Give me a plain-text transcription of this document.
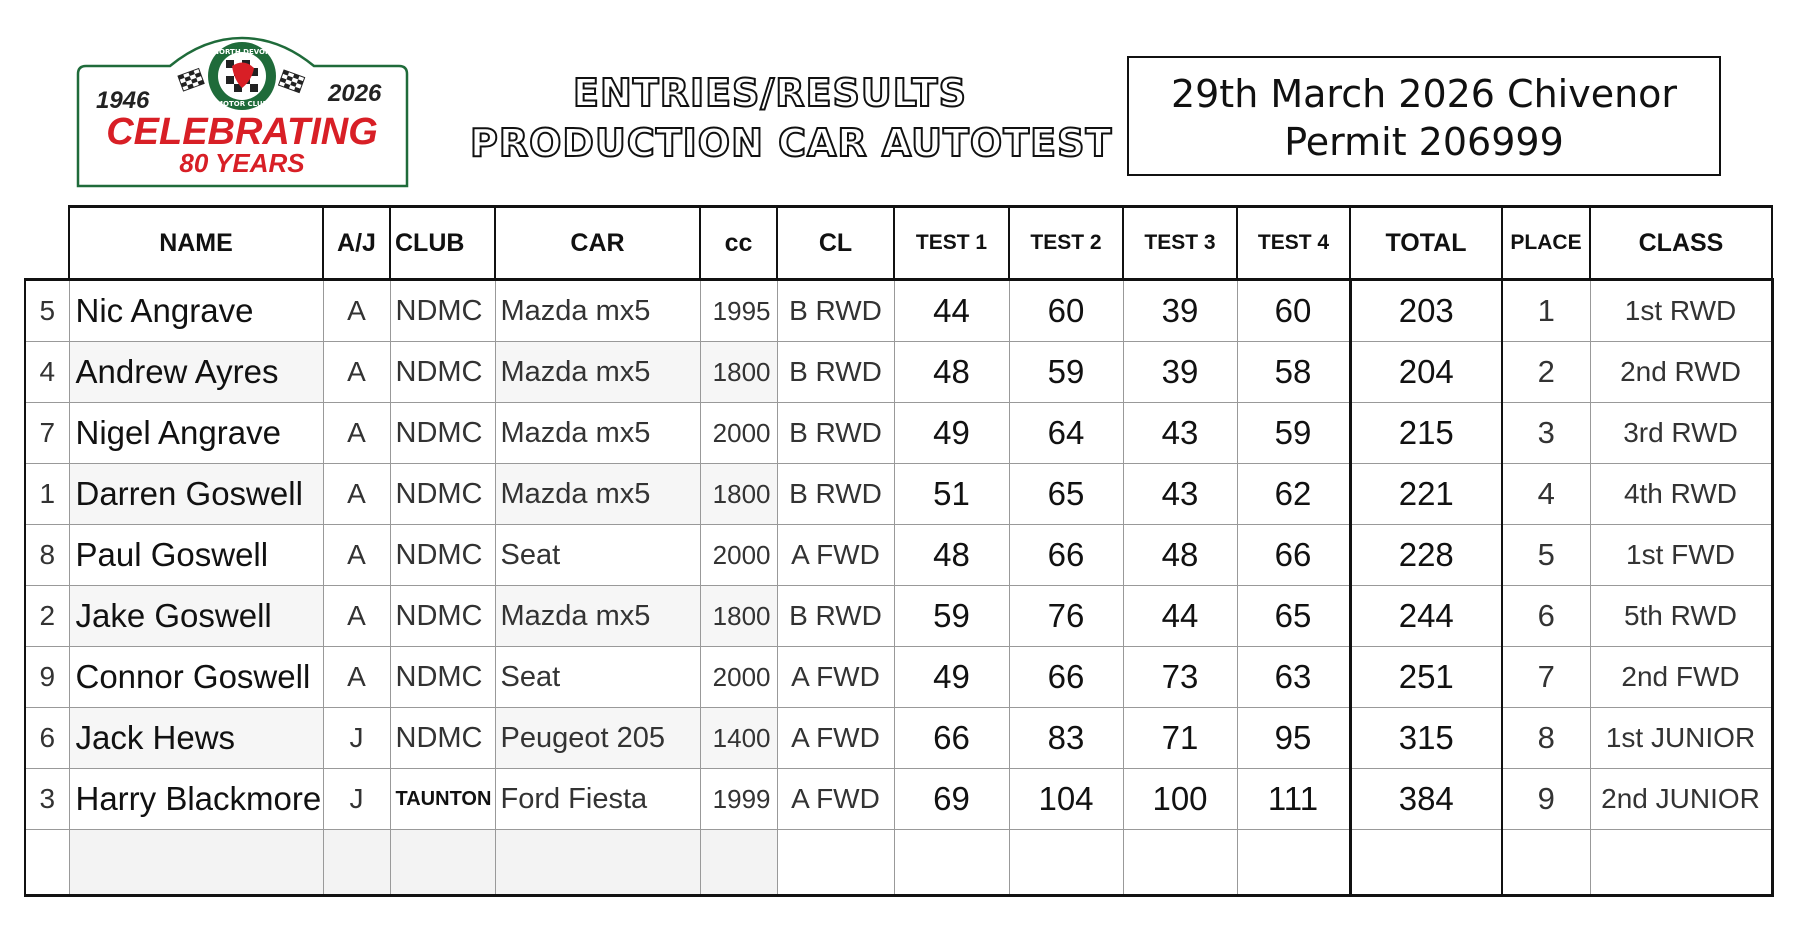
NORTH DEVON
MOTOR CLUB
1946	2026
CELEBRATING
80 YEARS
ENTRIES/RESULTS
PRODUCTION CAR AUTOTEST
29th March 2026 Chivenor
Permit 206999
	NAME	A/J	CLUB	CAR	cc	CL	TEST 1	TEST 2	TEST 3	TEST 4	TOTAL	PLACE	CLASS
5	Nic Angrave	A	NDMC	Mazda mx5	1995	B RWD	44	60	39	60	203	1	1st RWD
4	Andrew Ayres	A	NDMC	Mazda mx5	1800	B RWD	48	59	39	58	204	2	2nd RWD
7	Nigel Angrave	A	NDMC	Mazda mx5	2000	B RWD	49	64	43	59	215	3	3rd RWD
1	Darren Goswell	A	NDMC	Mazda mx5	1800	B RWD	51	65	43	62	221	4	4th RWD
8	Paul Goswell	A	NDMC	Seat	2000	A FWD	48	66	48	66	228	5	1st FWD
2	Jake Goswell	A	NDMC	Mazda mx5	1800	B RWD	59	76	44	65	244	6	5th RWD
9	Connor Goswell	A	NDMC	Seat	2000	A FWD	49	66	73	63	251	7	2nd FWD
6	Jack Hews	J	NDMC	Peugeot 205	1400	A FWD	66	83	71	95	315	8	1st JUNIOR
3	Harry Blackmore	J	TAUNTON	Ford Fiesta	1999	A FWD	69	104	100	111	384	9	2nd JUNIOR
